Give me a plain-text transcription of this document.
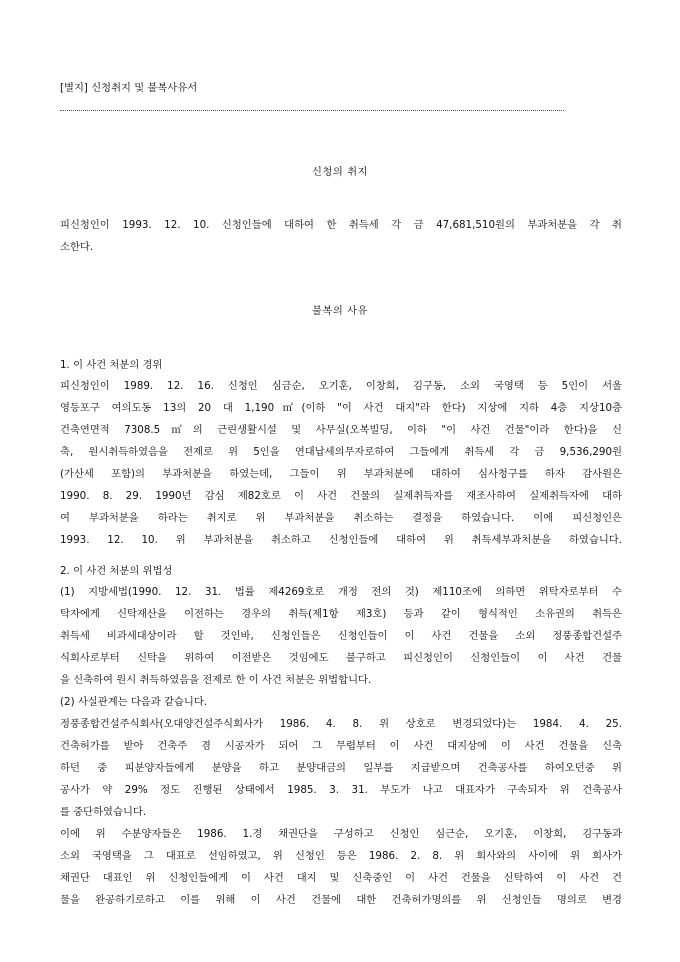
[별지] 신청취지 및 불복사유서
신청의 취지
피신청인이 1993. 12. 10. 신청인들에 대하여 한 취득세 각 금 47,681,510원의 부과처분을 각 취
소한다.
불복의 사유
1. 이 사건 처분의 경위
피신청인이 1989. 12. 16. 신청인 심금순, 오기훈, 이창희, 김구동, 소외 국영택 등 5인이 서울
영등포구 여의도동 13의 20 대 1,190㎡(이하 "이 사건 대지"라 한다) 지상에 지하 4층 지상10층
건축연면적 7308.5㎡의 근린생활시설 및 사무실(오복빌딩, 이하 "이 사건 건물"이라 한다)을 신
축, 원시취득하였음을 전제로 위 5인을 연대납세의무자로하여 그들에게 취득세 각 금 9,536,290원
(가산세 포함)의 부과처분을 하였는데, 그들이 위 부과처분에 대하여 심사청구를 하자 감사원은
1990. 8. 29. 1990년 감심 제82호로 이 사건 건물의 실제취득자를 재조사하여 실제취득자에 대하
여 부과처분을 하라는 취지로 위 부과처분을 취소하는 결정을 하였습니다. 이에 피신청인은
1993. 12. 10. 위 부과처분을 취소하고 신청인들에 대하여 위 취득세부과처분을 하였습니다.
2. 이 사건 처분의 위법성
(1) 지방세법(1990. 12. 31. 법률 제4269호로 개정 전의 것) 제110조에 의하면 위탁자로부터 수
탁자에게 신탁재산을 이전하는 경우의 취득(제1항 제3호) 등과 같이 형식적인 소유권의 취득은
취득세 비과세대상이라 할 것인바, 신청인들은 신청인들이 이 사건 건물을 소외 정풍종합건설주
식회사로부터 신탁을 위하여 이전받은 것임에도 불구하고 피신청인이 신청인들이 이 사건 건물
을 신축하여 원시 취득하였음을 전제로 한 이 사건 처분은 위법합니다.
(2) 사실관계는 다음과 같습니다.
정풍종합건설주식회사(오대양건설주식회사가 1986. 4. 8. 위 상호로 변경되었다)는 1984. 4. 25.
건축허가를 받아 건축주 겸 시공자가 되어 그 무렵부터 이 사건 대지상에 이 사건 건물을 신축
하던 중 피분양자들에게 분양을 하고 분양대금의 일부를 지급받으며 건축공사를 하여오던중 위
공사가 약 29% 정도 진행된 상태에서 1985. 3. 31. 부도가 나고 대표자가 구속되자 위 건축공사
를 중단하였습니다.
이에 위 수분양자들은 1986. 1.경 채권단을 구성하고 신청인 심근순, 오기훈, 이창희, 김구동과
소외 국영택을 그 대표로 선임하였고, 위 신청인 등은 1986. 2. 8. 위 회사와의 사이에 위 회사가
채권단 대표인 위 신청인들에게 이 사건 대지 및 신축중인 이 사건 건물을 신탁하여 이 사건 건
물을 완공하기로하고 이를 위해 이 사건 건물에 대한 건축허가명의를 위 신청인들 명의로 변경
